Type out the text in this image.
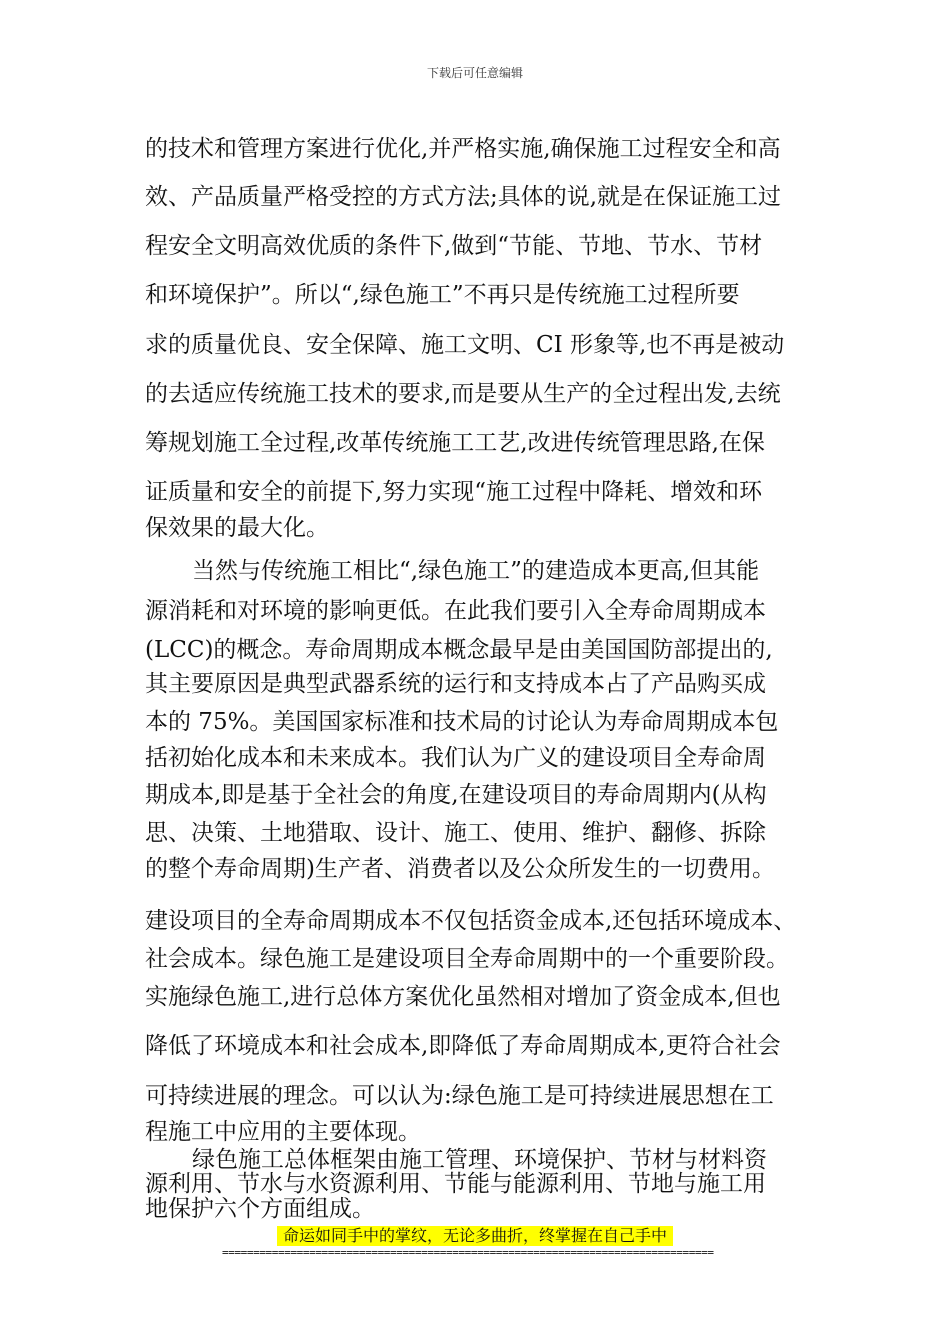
下载后可任意编辑
的技术和管理方案进行优化,并严格实施,确保施工过程安全和高
效、产品质量严格受控的方式方法;具体的说,就是在保证施工过
程安全文明高效优质的条件下,做到“节能、节地、节水、节材
和环境保护”。所以“,绿色施工”不再只是传统施工过程所要
求的质量优良、安全保障、施工文明、CI 形象等,也不再是被动
的去适应传统施工技术的要求,而是要从生产的全过程出发,去统
筹规划施工全过程,改革传统施工工艺,改进传统管理思路,在保
证质量和安全的前提下,努力实现“施工过程中降耗、增效和环
保效果的最大化。
当然与传统施工相比“,绿色施工”的建造成本更高,但其能
源消耗和对环境的影响更低。在此我们要引入全寿命周期成本
(LCC)的概念。寿命周期成本概念最早是由美国国防部提出的,
其主要原因是典型武器系统的运行和支持成本占了产品购买成
本的 75%。美国国家标准和技术局的讨论认为寿命周期成本包
括初始化成本和未来成本。我们认为广义的建设项目全寿命周
期成本,即是基于全社会的角度,在建设项目的寿命周期内(从构
思、决策、土地猎取、设计、施工、使用、维护、翻修、拆除
的整个寿命周期)生产者、消费者以及公众所发生的一切费用。
建设项目的全寿命周期成本不仅包括资金成本,还包括环境成本、
社会成本。绿色施工是建设项目全寿命周期中的一个重要阶段。
实施绿色施工,进行总体方案优化虽然相对增加了资金成本,但也
降低了环境成本和社会成本,即降低了寿命周期成本,更符合社会
可持续进展的理念。可以认为:绿色施工是可持续进展思想在工
程施工中应用的主要体现。
绿色施工总体框架由施工管理、环境保护、节材与材料资
源利用、节水与水资源利用、节能与能源利用、节地与施工用
地保护六个方面组成。
命运如同手中的掌纹，无论多曲折，终掌握在自己手中
===============================================================================
